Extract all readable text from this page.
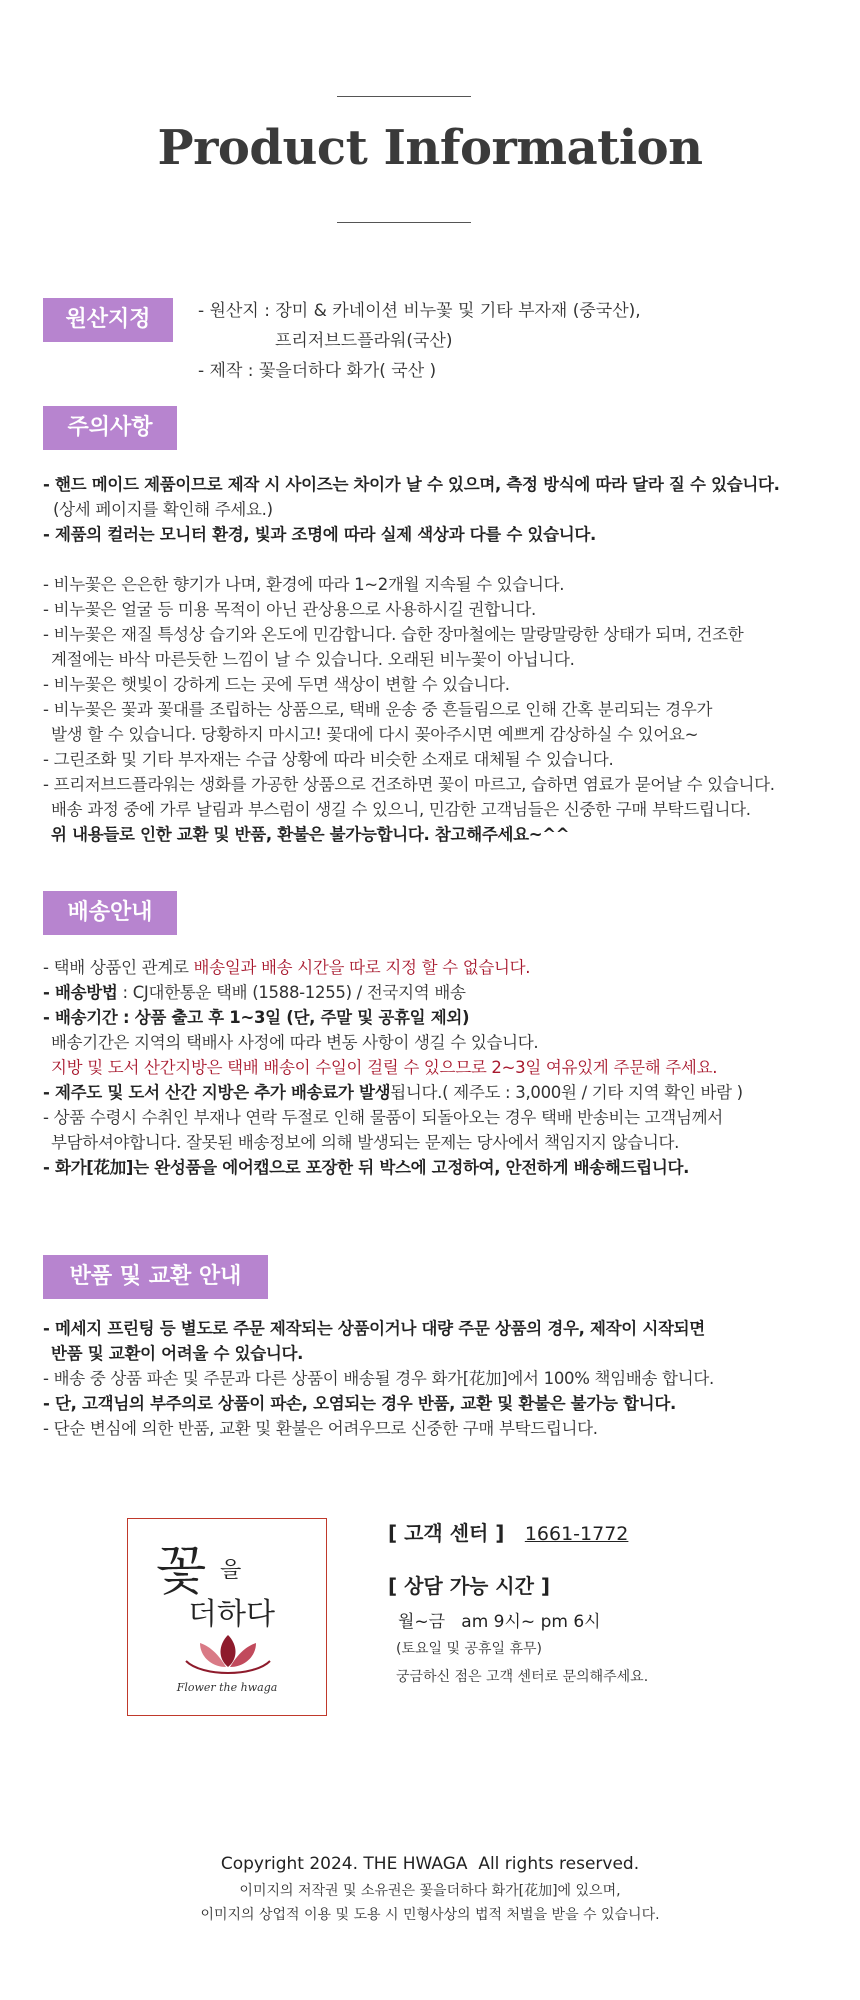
Product Information
원산지정보
- 원산지 : 장미 & 카네이션 비누꽃 및 기타 부자재 (중국산),
프리저브드플라워(국산)
- 제작 : 꽃을더하다 화가( 국산 )
주의사항
- 핸드 메이드 제품이므로 제작 시 사이즈는 차이가 날 수 있으며, 측정 방식에 따라 달라 질 수 있습니다.
(상세 페이지를 확인해 주세요.)
- 제품의 컬러는 모니터 환경, 빛과 조명에 따라 실제 색상과 다를 수 있습니다.
- 비누꽃은 은은한 향기가 나며, 환경에 따라 1~2개월 지속될 수 있습니다.
- 비누꽃은 얼굴 등 미용 목적이 아닌 관상용으로 사용하시길 권합니다.
- 비누꽃은 재질 특성상 습기와 온도에 민감합니다. 습한 장마철에는 말랑말랑한 상태가 되며, 건조한
계절에는 바삭 마른듯한 느낌이 날 수 있습니다. 오래된 비누꽃이 아닙니다.
- 비누꽃은 햇빛이 강하게 드는 곳에 두면 색상이 변할 수 있습니다.
- 비누꽃은 꽃과 꽃대를 조립하는 상품으로, 택배 운송 중 흔들림으로 인해 간혹 분리되는 경우가
발생 할 수 있습니다. 당황하지 마시고! 꽃대에 다시 꽂아주시면 예쁘게 감상하실 수 있어요~
- 그린조화 및 기타 부자재는 수급 상황에 따라 비슷한 소재로 대체될 수 있습니다.
- 프리저브드플라워는 생화를 가공한 상품으로 건조하면 꽃이 마르고, 습하면 염료가 묻어날 수 있습니다.
배송 과정 중에 가루 날림과 부스럼이 생길 수 있으니, 민감한 고객님들은 신중한 구매 부탁드립니다.
위 내용들로 인한 교환 및 반품, 환불은 불가능합니다. 참고해주세요~^^
배송안내
- 택배 상품인 관계로 배송일과 배송 시간을 따로 지정 할 수 없습니다.
- 배송방법 : CJ대한통운 택배 (1588-1255) / 전국지역 배송
- 배송기간 : 상품 출고 후 1~3일 (단, 주말 및 공휴일 제외)
배송기간은 지역의 택배사 사정에 따라 변동 사항이 생길 수 있습니다.
지방 및 도서 산간지방은 택배 배송이 수일이 걸릴 수 있으므로 2~3일 여유있게 주문해 주세요.
- 제주도 및 도서 산간 지방은 추가 배송료가 발생됩니다.( 제주도 : 3,000원 / 기타 지역 확인 바람 )
- 상품 수령시 수취인 부재나 연락 두절로 인해 물품이 되돌아오는 경우 택배 반송비는 고객님께서
부담하셔야합니다. 잘못된 배송정보에 의해 발생되는 문제는 당사에서 책임지지 않습니다.
- 화가[花加]는 완성품을 에어캡으로 포장한 뒤 박스에 고정하여, 안전하게 배송해드립니다.
반품 및 교환 안내
- 메세지 프린팅 등 별도로 주문 제작되는 상품이거나 대량 주문 상품의 경우, 제작이 시작되면
반품 및 교환이 어려울 수 있습니다.
- 배송 중 상품 파손 및 주문과 다른 상품이 배송될 경우 화가[花加]에서 100% 책임배송 합니다.
- 단, 고객님의 부주의로 상품이 파손, 오염되는 경우 반품, 교환 및 환불은 불가능 합니다.
- 단순 변심에 의한 반품, 교환 및 환불은 어려우므로 신중한 구매 부탁드립니다.
꽃 을
더하다
Flower the hwaga
[ 고객 센터 ] 1661-1772
[ 상담 가능 시간 ]
월~금   am 9시~ pm 6시
(토요일 및 공휴일 휴무)
궁금하신 점은 고객 센터로 문의해주세요.
Copyright 2024. THE HWAGA  All rights reserved.
이미지의 저작권 및 소유권은 꽃을더하다 화가[花加]에 있으며,
이미지의 상업적 이용 및 도용 시 민형사상의 법적 처벌을 받을 수 있습니다.
